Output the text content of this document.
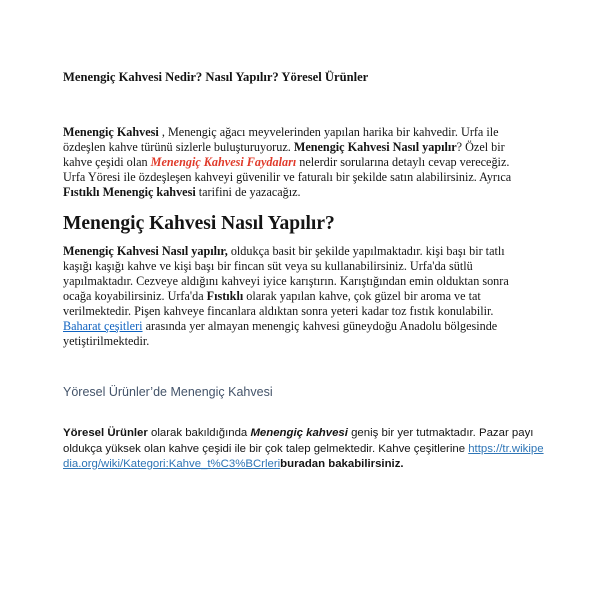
Menengiç Kahvesi Nedir? Nasıl Yapılır? Yöresel Ürünler

Menengiç Kahvesi , Menengiç ağacı meyvelerinden yapılan harika bir kahvedir. Urfa ile özdeşlen kahve türünü sizlerle buluşturuyoruz. Menengiç Kahvesi Nasıl yapılır? Özel bir kahve çeşidi olan Menengiç Kahvesi Faydaları nelerdir sorularına detaylı cevap vereceğiz. Urfa Yöresi ile özdeşleşen kahveyi güvenilir ve faturalı bir şekilde satın alabilirsiniz. Ayrıca Fıstıklı Menengiç kahvesi tarifini de yazacağız.

Menengiç Kahvesi Nasıl Yapılır?

Menengiç Kahvesi Nasıl yapılır, oldukça basit bir şekilde yapılmaktadır. kişi başı bir tatlı kaşığı kaşığı kahve ve kişi başı bir fincan süt veya su kullanabilirsiniz. Urfa'da sütlü yapılmaktadır. Cezveye aldığını kahveyi iyice karıştırın. Karıştığından emin olduktan sonra ocağa koyabilirsiniz. Urfa'da Fıstıklı olarak yapılan kahve, çok güzel bir aroma ve tat verilmektedir. Pişen kahveye fincanlara aldıktan sonra yeteri kadar toz fıstık konulabilir. Baharat çeşitleri arasında yer almayan menengiç kahvesi güneydoğu Anadolu bölgesinde yetiştirilmektedir.

Yöresel Ürünler’de Menengiç Kahvesi

Yöresel Ürünler olarak bakıldığında Menengiç kahvesi geniş bir yer tutmaktadır. Pazar payı oldukça yüksek olan kahve çeşidi ile bir çok talep gelmektedir. Kahve çeşitlerine https://tr.wikipedia.org/wiki/Kategori:Kahve_t%C3%BCrleriburadan bakabilirsiniz.
